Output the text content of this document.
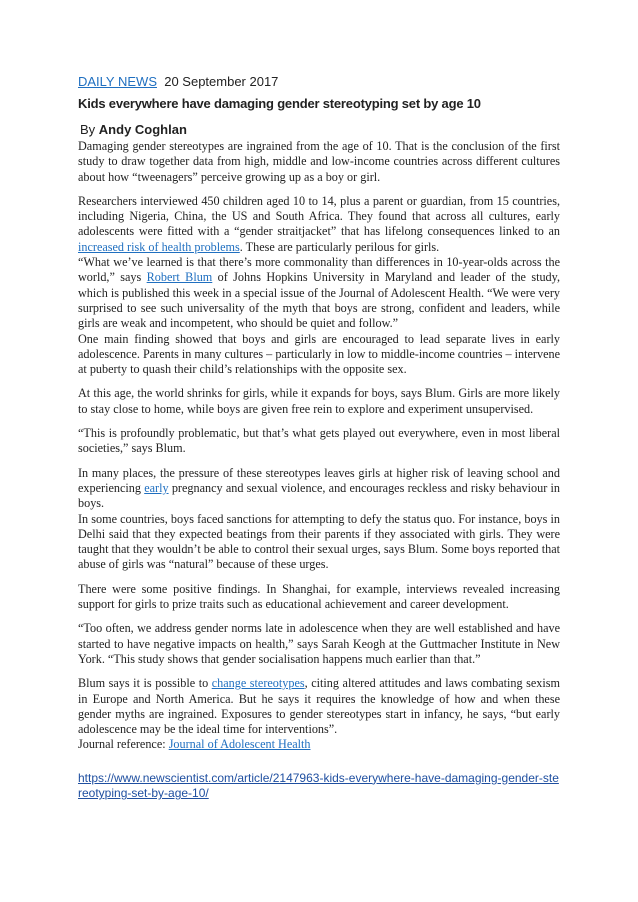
DAILY NEWS 20 September 2017

Kids everywhere have damaging gender stereotyping set by age 10

By Andy Coghlan

Damaging gender stereotypes are ingrained from the age of 10. That is the conclusion of the first study to draw together data from high, middle and low-income countries across different cultures about how “tweenagers” perceive growing up as a boy or girl.

Researchers interviewed 450 children aged 10 to 14, plus a parent or guardian, from 15 countries, including Nigeria, China, the US and South Africa. They found that across all cultures, early adolescents were fitted with a “gender straitjacket” that has lifelong consequences linked to an increased risk of health problems. These are particularly perilous for girls.

“What we’ve learned is that there’s more commonality than differences in 10-year-olds across the world,” says Robert Blum of Johns Hopkins University in Maryland and leader of the study, which is published this week in a special issue of the Journal of Adolescent Health. “We were very surprised to see such universality of the myth that boys are strong, confident and leaders, while girls are weak and incompetent, who should be quiet and follow.”

One main finding showed that boys and girls are encouraged to lead separate lives in early adolescence. Parents in many cultures – particularly in low to middle-income countries – intervene at puberty to quash their child’s relationships with the opposite sex.

At this age, the world shrinks for girls, while it expands for boys, says Blum. Girls are more likely to stay close to home, while boys are given free rein to explore and experiment unsupervised.

“This is profoundly problematic, but that’s what gets played out everywhere, even in most liberal societies,” says Blum.

In many places, the pressure of these stereotypes leaves girls at higher risk of leaving school and experiencing early pregnancy and sexual violence, and encourages reckless and risky behaviour in boys.

In some countries, boys faced sanctions for attempting to defy the status quo. For instance, boys in Delhi said that they expected beatings from their parents if they associated with girls. They were taught that they wouldn’t be able to control their sexual urges, says Blum. Some boys reported that abuse of girls was “natural” because of these urges.

There were some positive findings. In Shanghai, for example, interviews revealed increasing support for girls to prize traits such as educational achievement and career development.

“Too often, we address gender norms late in adolescence when they are well established and have started to have negative impacts on health,” says Sarah Keogh at the Guttmacher Institute in New York. “This study shows that gender socialisation happens much earlier than that.”

Blum says it is possible to change stereotypes, citing altered attitudes and laws combating sexism in Europe and North America. But he says it requires the knowledge of how and when these gender myths are ingrained. Exposures to gender stereotypes start in infancy, he says, “but early adolescence may be the ideal time for interventions”.

Journal reference: Journal of Adolescent Health

https://www.newscientist.com/article/2147963-kids-everywhere-have-damaging-gender-stereotyping-set-by-age-10/
